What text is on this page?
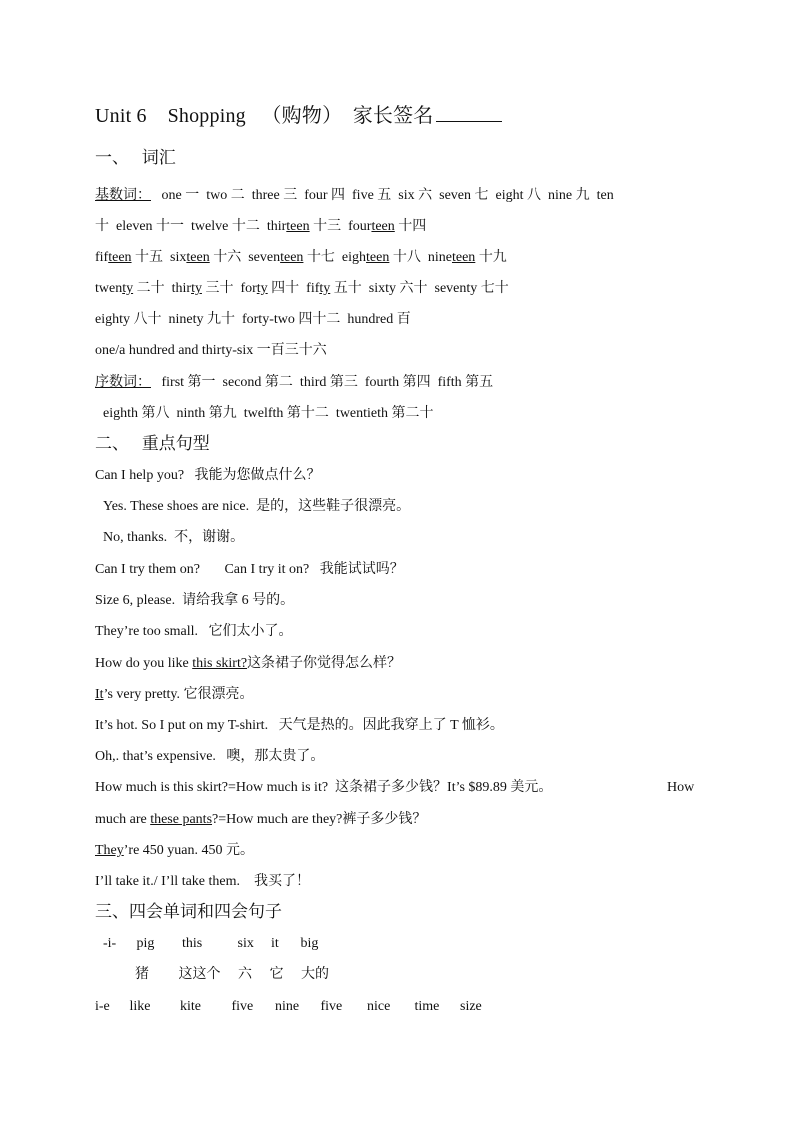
Unit 6 Shopping （购物） 家长签名
一、 词汇
基数词： one 一  two 二  three 三  four 四  five 五  six 六  seven 七  eight 八  nine 九  ten
十  eleven 十一  twelve 十二  thirteen 十三  fourteen 十四
fifteen 十五  sixteen 十六  seventeen 十七  eighteen 十八  nineteen 十九
twenty 二十  thirty 三十  forty 四十  fifty 五十  sixty 六十  seventy 七十
eighty 八十  ninety 九十  forty-two 四十二  hundred 百
one/a hundred and thirty-six 一百三十六
序数词： first 第一  second 第二  third 第三  fourth 第四  fifth 第五
eighth 第八  ninth 第九  twelfth 第十二  twentieth 第二十
二、 重点句型
Can I help you?   我能为您做点什么？
Yes. These shoes are nice.  是的，这些鞋子很漂亮。
No, thanks.  不，谢谢。
Can I try them on?       Can I try it on?   我能试试吗？
Size 6, please.  请给我拿 6 号的。
They’re too small.   它们太小了。
How do you like this skirt?这条裙子你觉得怎么样？
It’s very pretty. 它很漂亮。
It’s hot. So I put on my T-shirt.   天气是热的。因此我穿上了 T 恤衫。
Oh,. that’s expensive.   噢，那太贵了。
How much is this skirt?=How much is it?  这条裙子多少钱？It’s $89.89 美元。	How
much are these pants?=How much are they?裤子多少钱？
They’re 450 yuan. 450 元。
I’ll take it./ I’ll take them.    我买了！
三、四会单词和四会句子
-i- pig this	six it big
猪 这这个 六 它 大的
i-e like kite five nine five nice time size
